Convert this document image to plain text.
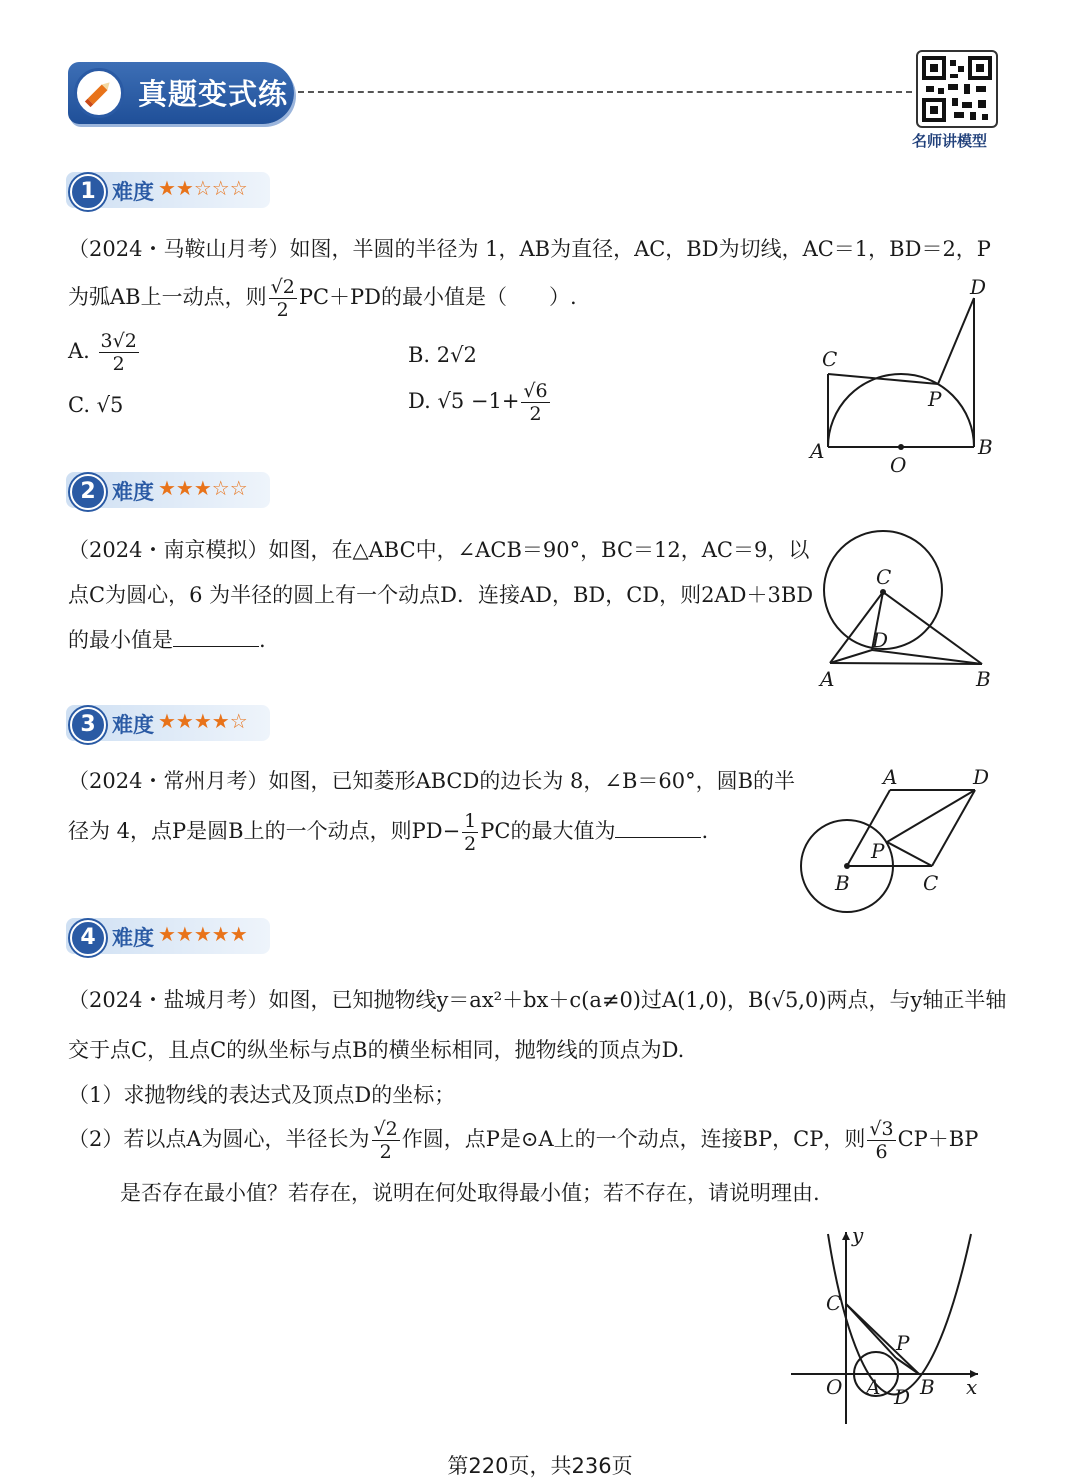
真题变式练
名师讲模型
1 难度 ★★☆☆☆
（2024・马鞍山月考）如图，半圆的半径为 1，AB为直径，AC，BD为切线，AC＝1，BD＝2，P
为弧AB上一动点，则 $\frac{√2}{2} PC+PD$的最小值是（　　）.
A. $\frac{3√2}{2}$	B. 2√2
C. √5	D. $√5 -1+ \frac{√6}{2}$
C
D
P
A
O
B
2 难度 ★★★☆☆
（2024・南京模拟）如图，在△ABC中，∠ACB＝90°，BC＝12，AC＝9，以
点C为圆心，6 为半径的圆上有一个动点D．连接AD，BD，CD，则2AD＋3BD
的最小值是	.
C
D
A	B
3 难度 ★★★★☆
（2024・常州月考）如图，已知菱形ABCD的边长为 8，∠B＝60°，圆B的半
径为 4，点P是圆B上的一个动点，则$PD- \frac{1}{2}$ PC的最大值为	.
A	D
P
B	C
4 难度 ★★★★★
（2024・盐城月考）如图，已知抛物线y＝ax²＋bx＋c(a≠0)过A(1,0)，B(√5,0)两点，与y轴正半轴
交于点C，且点C的纵坐标与点B的横坐标相同，抛物线的顶点为D.
（1）求抛物线的表达式及顶点D的坐标；
（2）若以点A为圆心，半径长为 $\frac{√2}{2}$ 作圆，点P是⊙A上的一个动点，连接BP，CP，则 $\frac{√3}{6} CP+BP$
是否存在最小值？若存在，说明在何处取得最小值；若不存在，请说明理由.
y
C
P
O A D B x
第220页，共236页
